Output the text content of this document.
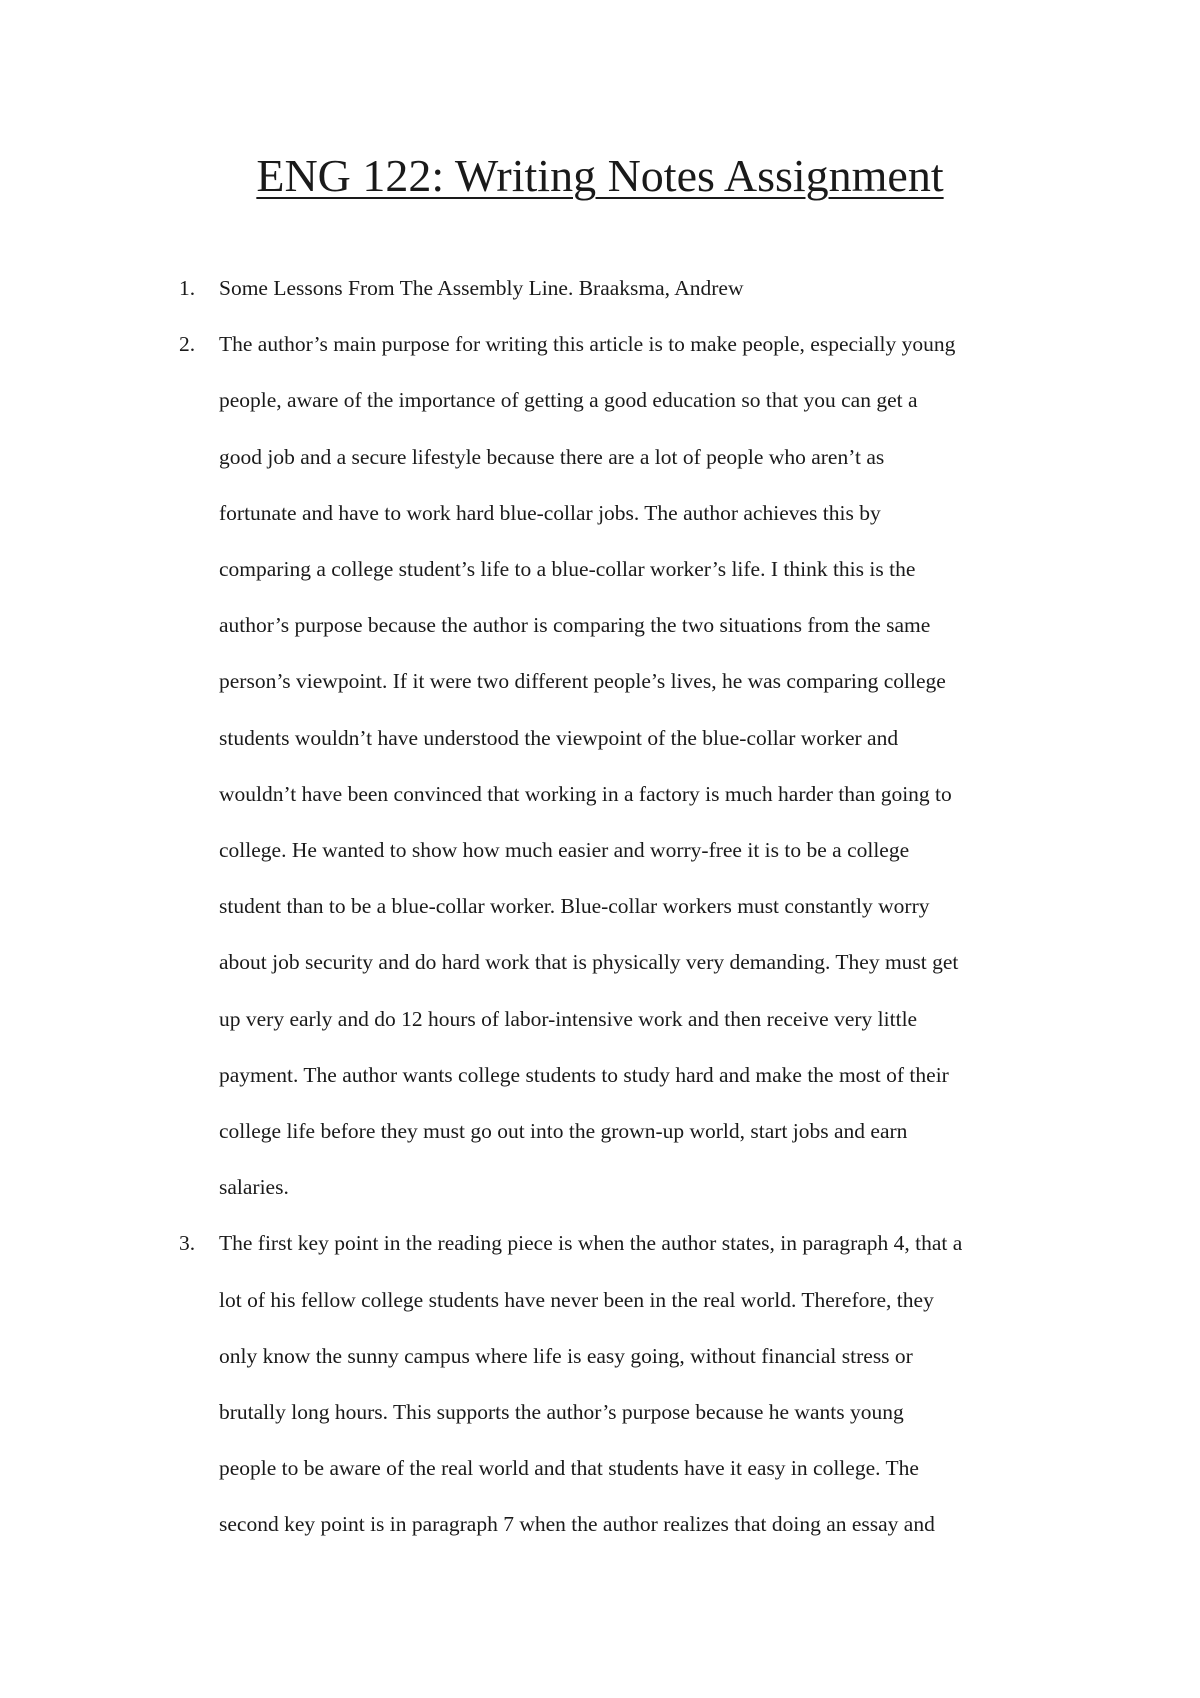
ENG 122: Writing Notes Assignment
1. Some Lessons From The Assembly Line. Braaksma, Andrew
2. The author’s main purpose for writing this article is to make people, especially young
people, aware of the importance of getting a good education so that you can get a
good job and a secure lifestyle because there are a lot of people who aren’t as
fortunate and have to work hard blue-collar jobs. The author achieves this by
comparing a college student’s life to a blue-collar worker’s life. I think this is the
author’s purpose because the author is comparing the two situations from the same
person’s viewpoint. If it were two different people’s lives, he was comparing college
students wouldn’t have understood the viewpoint of the blue-collar worker and
wouldn’t have been convinced that working in a factory is much harder than going to
college. He wanted to show how much easier and worry-free it is to be a college
student than to be a blue-collar worker. Blue-collar workers must constantly worry
about job security and do hard work that is physically very demanding. They must get
up very early and do 12 hours of labor-intensive work and then receive very little
payment. The author wants college students to study hard and make the most of their
college life before they must go out into the grown-up world, start jobs and earn
salaries.
3. The first key point in the reading piece is when the author states, in paragraph 4, that a
lot of his fellow college students have never been in the real world. Therefore, they
only know the sunny campus where life is easy going, without financial stress or
brutally long hours. This supports the author’s purpose because he wants young
people to be aware of the real world and that students have it easy in college. The
second key point is in paragraph 7 when the author realizes that doing an essay and
